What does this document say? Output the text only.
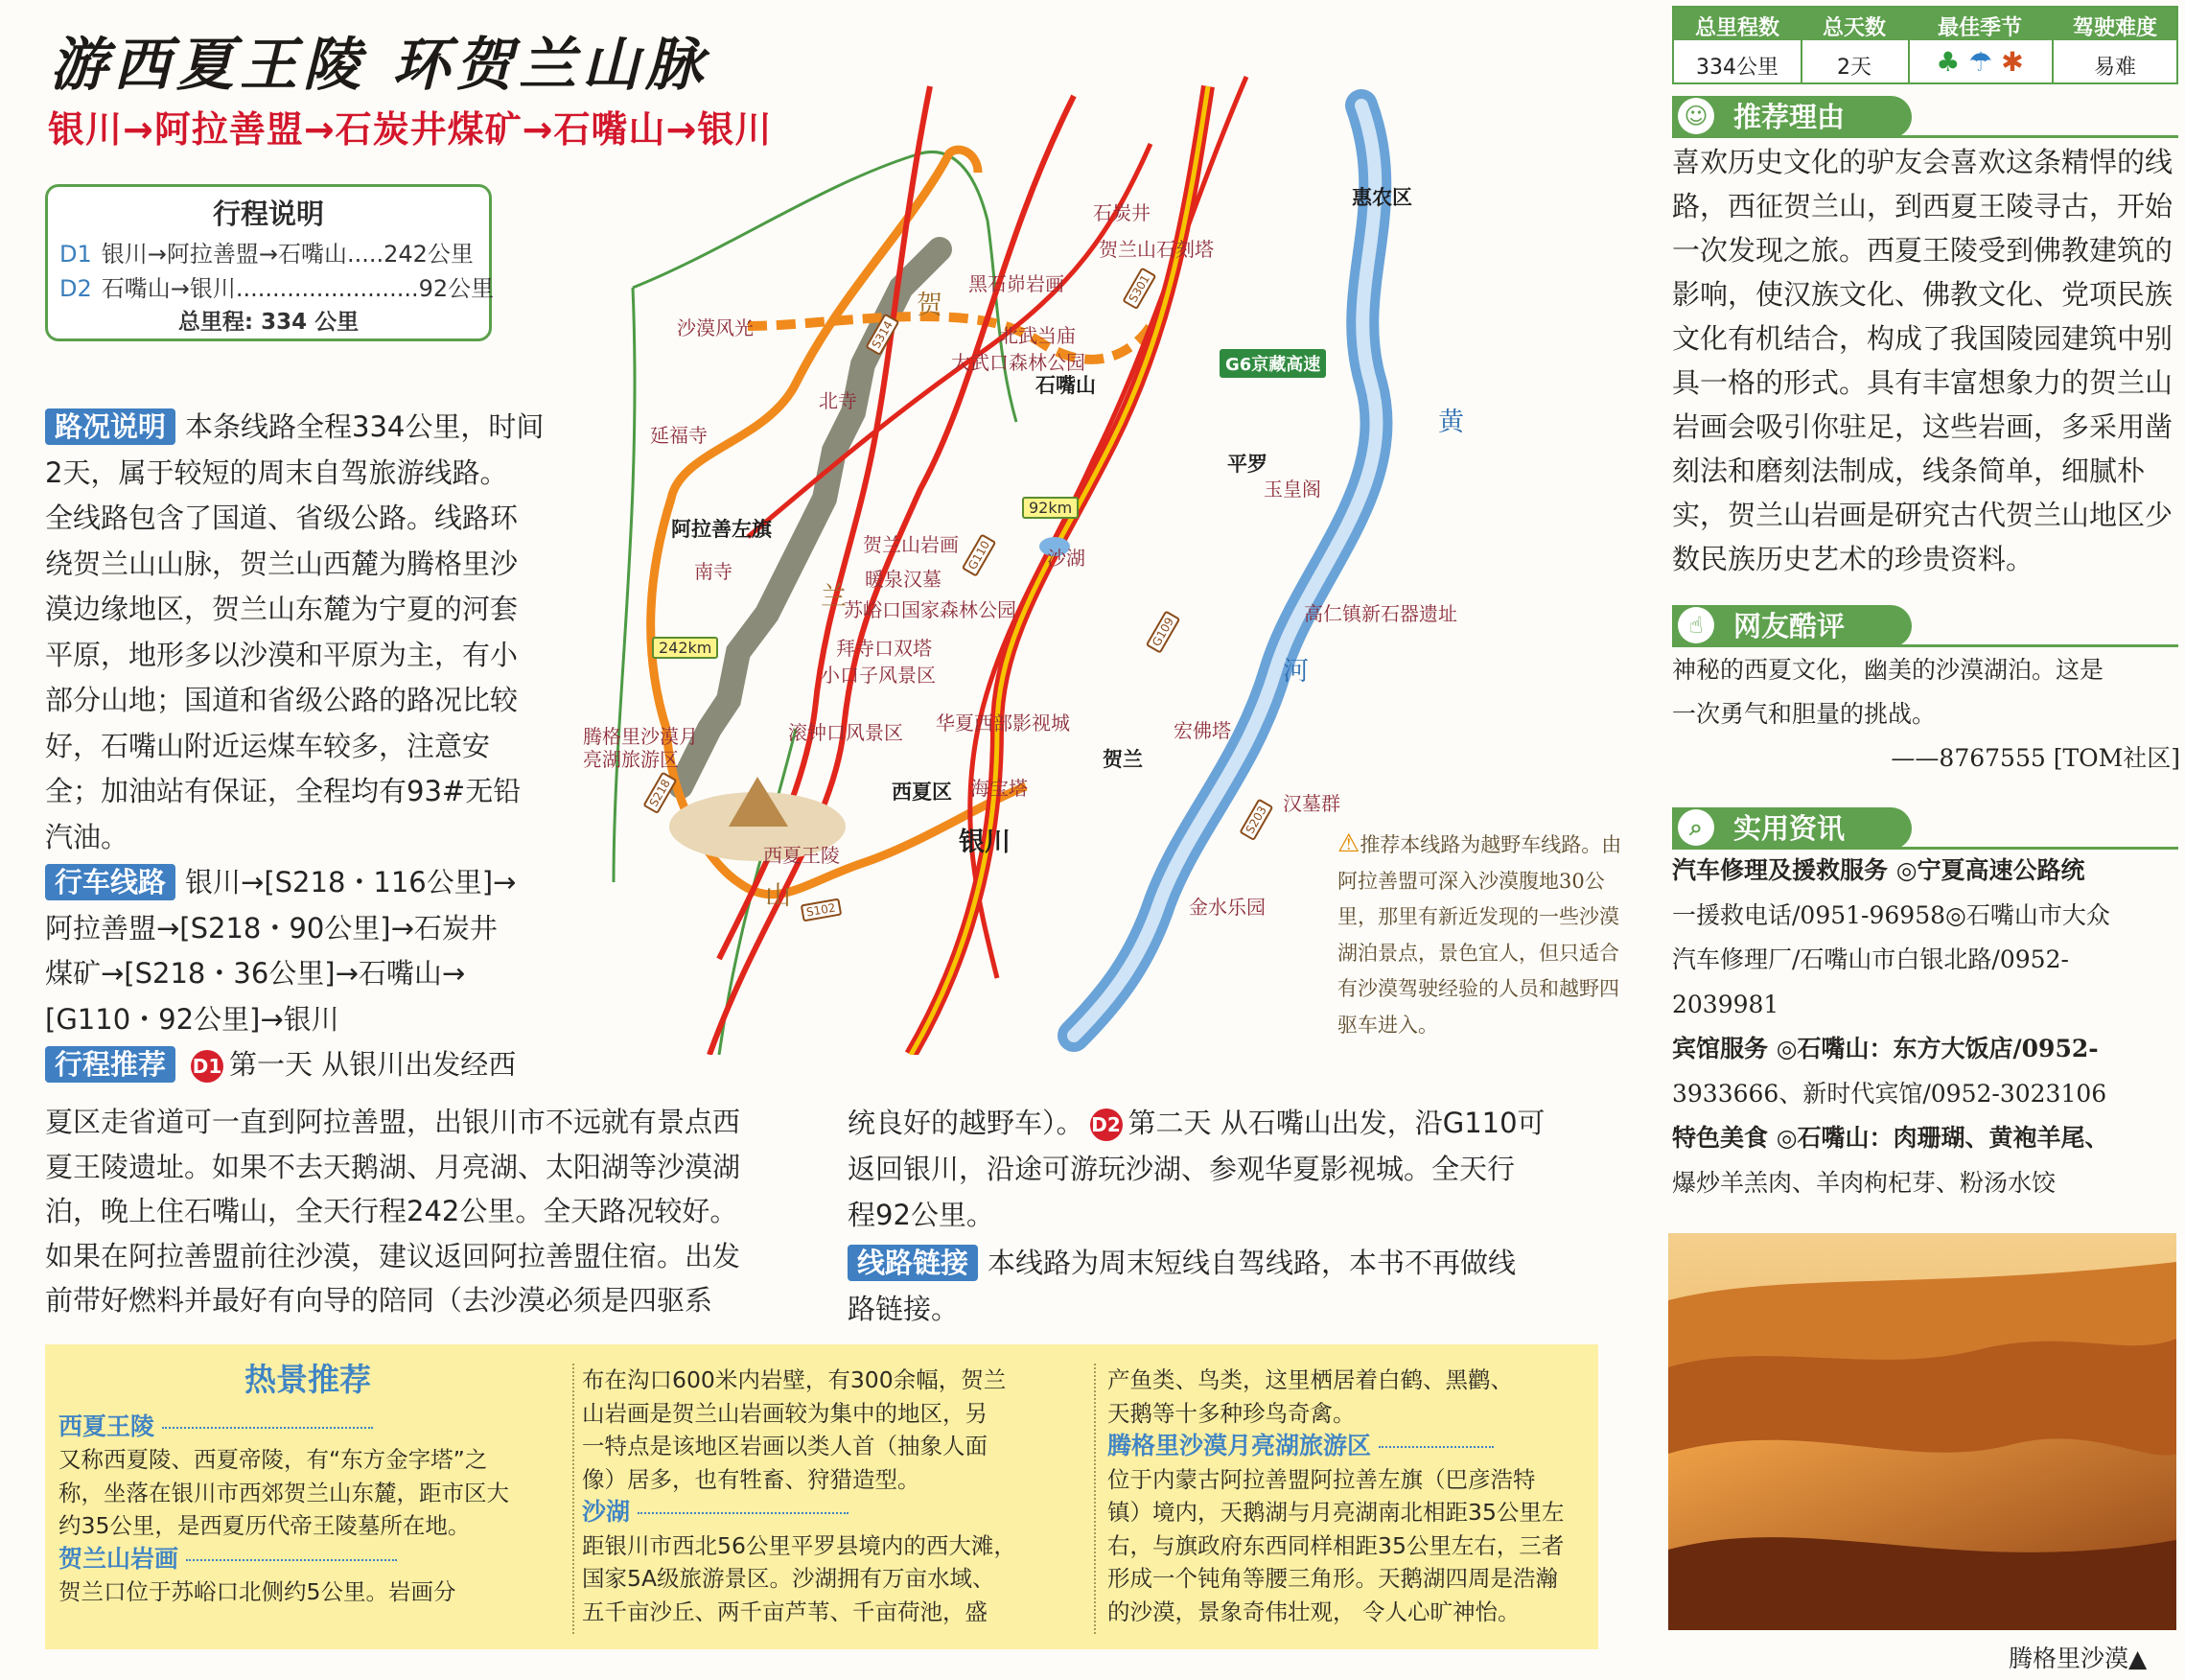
游西夏王陵 环贺兰山脉
银川→阿拉善盟→石炭井煤矿→石嘴山→银川
行程说明
D1 银川→阿拉善盟→石嘴山.....242公里
D2 石嘴山→银川.........................92公里
总里程: 334 公里
路况说明 本条线路全程334公里，时间
2天，属于较短的周末自驾旅游线路。
全线路包含了国道、省级公路。线路环
绕贺兰山山脉，贺兰山西麓为腾格里沙
漠边缘地区，贺兰山东麓为宁夏的河套
平原，地形多以沙漠和平原为主，有小
部分山地；国道和省级公路的路况比较
好，石嘴山附近运煤车较多，注意安
全；加油站有保证，全程均有93#无铅
汽油。
行车线路 银川→[S218・116公里]→
阿拉善盟→[S218・90公里]→石炭井
煤矿→[S218・36公里]→石嘴山→
[G110・92公里]→银川
行程推荐 D1 第一天 从银川出发经西
夏区走省道可一直到阿拉善盟，出银川市不远就有景点西
夏王陵遗址。如果不去天鹅湖、月亮湖、太阳湖等沙漠湖
泊，晚上住石嘴山，全天行程242公里。全天路况较好。
如果在阿拉善盟前往沙漠，建议返回阿拉善盟住宿。出发
前带好燃料并最好有向导的陪同（去沙漠必须是四驱系
统良好的越野车）。 D2 第二天 从石嘴山出发，沿G110可
返回银川，沿途可游玩沙湖、参观华夏影视城。全天行
程92公里。
线路链接 本线路为周末短线自驾线路，本书不再做线
路链接。
石炭井
惠农区
贺兰山石刻塔
黑石峁岩画
北武当庙
大武口森林公园
石嘴山
沙漠风光
北寺
延福寺
阿拉善左旗
南寺
贺兰山岩画
暖泉汉墓
苏峪口国家森林公园
拜寺口双塔
小口子风景区
滚钟口风景区 华夏西部影视城
腾格里沙漠月亮湖旅游区
西夏王陵
西夏区 海宝塔
银川
贺兰
宏佛塔
汉墓群
金水乐园
平罗
玉皇阁
沙湖
高仁镇新石器遗址
贺
兰
山
黄
河
G6京藏高速
92km
242km
S301
S314
G110
G109
S218
S102
S203
⚠推荐本线路为越野车线路。由阿拉善盟可深入沙漠腹地30公里，那里有新近发现的一些沙漠湖泊景点，景色宜人，但只适合有沙漠驾驶经验的人员和越野四驱车进入。
总里程数	总天数	最佳季节	驾驶难度
334公里	2天	♣ ☂ ✱	易难
☺ 推荐理由
喜欢历史文化的驴友会喜欢这条精悍的线
路，西征贺兰山，到西夏王陵寻古，开始
一次发现之旅。西夏王陵受到佛教建筑的
影响，使汉族文化、佛教文化、党项民族
文化有机结合，构成了我国陵园建筑中别
具一格的形式。具有丰富想象力的贺兰山
岩画会吸引你驻足，这些岩画，多采用凿
刻法和磨刻法制成，线条简单，细腻朴
实，贺兰山岩画是研究古代贺兰山地区少
数民族历史艺术的珍贵资料。
☝	网友酷评
神秘的西夏文化，幽美的沙漠湖泊。这是
一次勇气和胆量的挑战。
——8767555 [TOM社区]
⌕	实用资讯
汽车修理及援救服务 ◎宁夏高速公路统
一援救电话/0951-96958◎石嘴山市大众
汽车修理厂/石嘴山市白银北路/0952-
2039981
宾馆服务 ◎石嘴山：东方大饭店/0952-
3933666、新时代宾馆/0952-3023106
特色美食 ◎石嘴山：肉珊瑚、黄袍羊尾、
爆炒羊羔肉、羊肉枸杞芽、粉汤水饺
腾格里沙漠▲
热景推荐
西夏王陵
又称西夏陵、西夏帝陵，有“东方金字塔”之
称，坐落在银川市西郊贺兰山东麓，距市区大
约35公里，是西夏历代帝王陵墓所在地。
贺兰山岩画
贺兰口位于苏峪口北侧约5公里。岩画分
布在沟口600米内岩壁，有300余幅，贺兰
山岩画是贺兰山岩画较为集中的地区，另
一特点是该地区岩画以类人首（抽象人面
像）居多，也有牲畜、狩猎造型。
沙湖
距银川市西北56公里平罗县境内的西大滩，
国家5A级旅游景区。沙湖拥有万亩水域、
五千亩沙丘、两千亩芦苇、千亩荷池，盛
产鱼类、鸟类，这里栖居着白鹤、黑鹳、
天鹅等十多种珍鸟奇禽。
腾格里沙漠月亮湖旅游区
位于内蒙古阿拉善盟阿拉善左旗（巴彦浩特
镇）境内，天鹅湖与月亮湖南北相距35公里左
右，与旗政府东西同样相距35公里左右，三者
形成一个钝角等腰三角形。天鹅湖四周是浩瀚
的沙漠，景象奇伟壮观， 令人心旷神怡。
